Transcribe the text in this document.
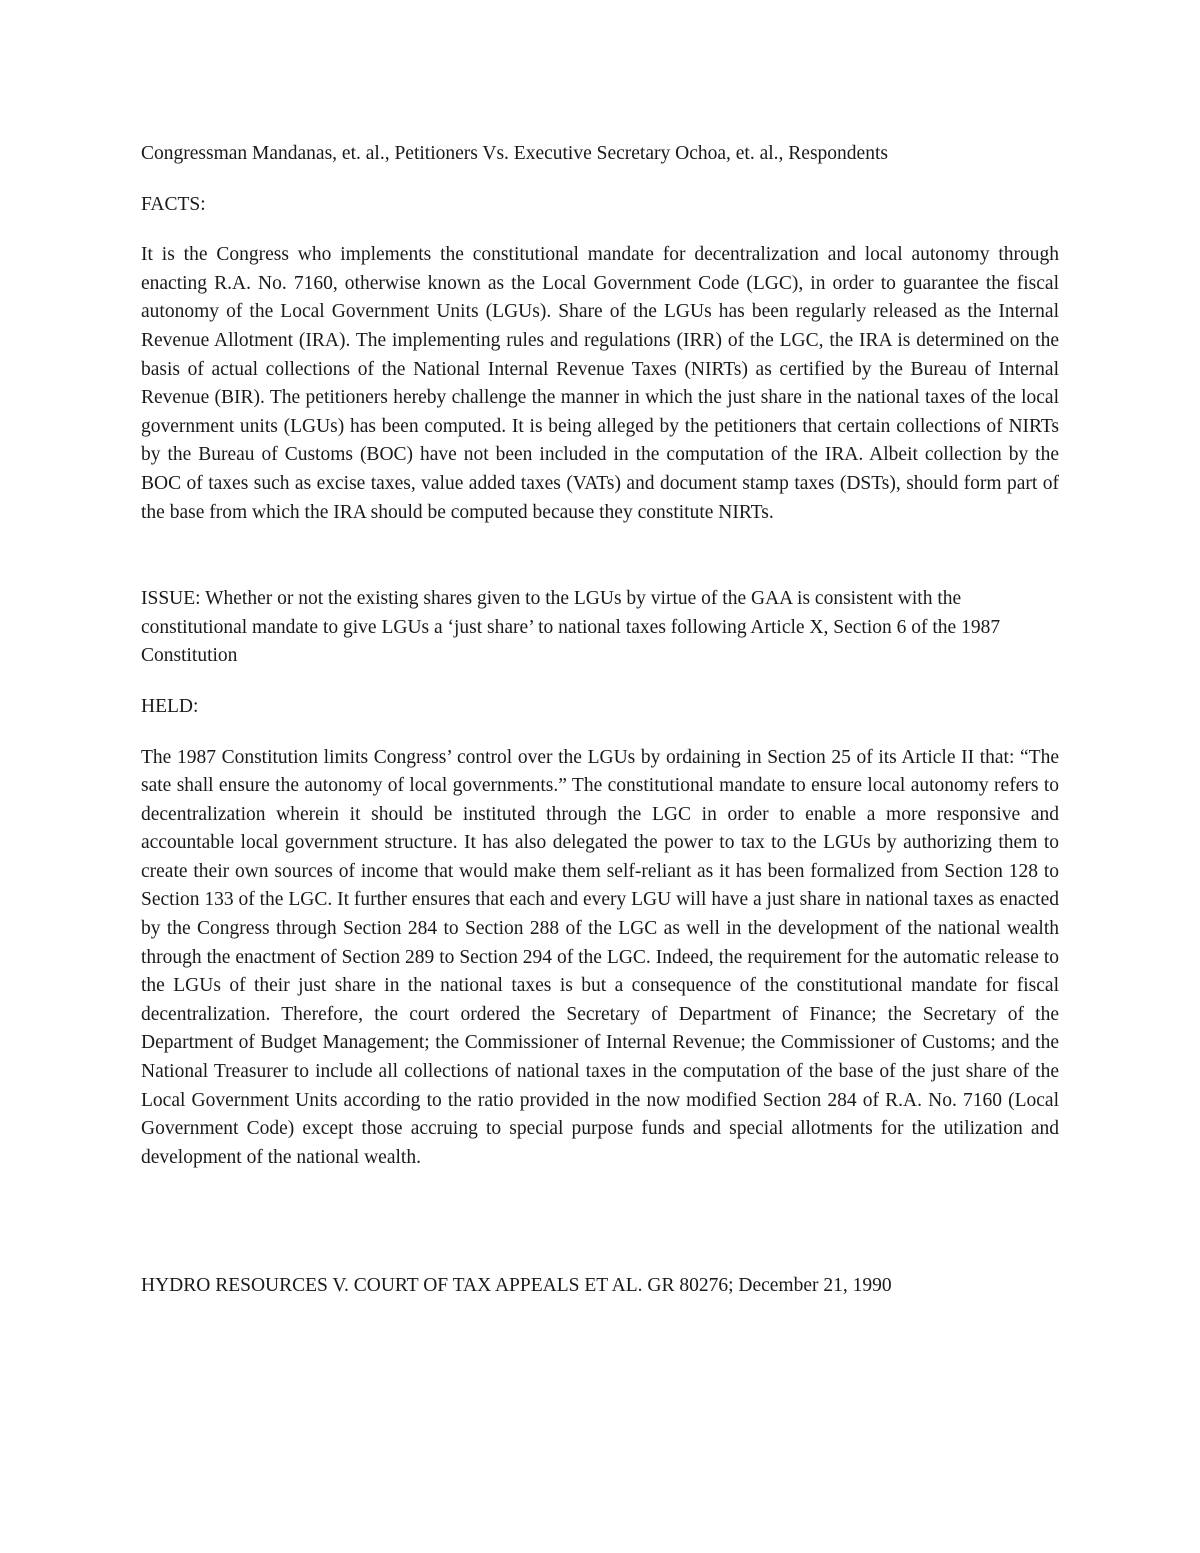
Congressman Mandanas, et. al., Petitioners Vs. Executive Secretary Ochoa, et. al., Respondents

FACTS:

It is the Congress who implements the constitutional mandate for decentralization and local autonomy through enacting R.A. No. 7160, otherwise known as the Local Government Code (LGC), in order to guarantee the fiscal autonomy of the Local Government Units (LGUs). Share of the LGUs has been regularly released as the Internal Revenue Allotment (IRA). The implementing rules and regulations (IRR) of the LGC, the IRA is determined on the basis of actual collections of the National Internal Revenue Taxes (NIRTs) as certified by the Bureau of Internal Revenue (BIR). The petitioners hereby challenge the manner in which the just share in the national taxes of the local government units (LGUs) has been computed. It is being alleged by the petitioners that certain collections of NIRTs by the Bureau of Customs (BOC) have not been included in the computation of the IRA. Albeit collection by the BOC of taxes such as excise taxes, value added taxes (VATs) and document stamp taxes (DSTs), should form part of the base from which the IRA should be computed because they constitute NIRTs.

ISSUE: Whether or not the existing shares given to the LGUs by virtue of the GAA is consistent with the constitutional mandate to give LGUs a ‘just share’ to national taxes following Article X, Section 6 of the 1987 Constitution

HELD:

The 1987 Constitution limits Congress’ control over the LGUs by ordaining in Section 25 of its Article II that: “The sate shall ensure the autonomy of local governments.” The constitutional mandate to ensure local autonomy refers to decentralization wherein it should be instituted through the LGC in order to enable a more responsive and accountable local government structure. It has also delegated the power to tax to the LGUs by authorizing them to create their own sources of income that would make them self-reliant as it has been formalized from Section 128 to Section 133 of the LGC. It further ensures that each and every LGU will have a just share in national taxes as enacted by the Congress through Section 284 to Section 288 of the LGC as well in the development of the national wealth through the enactment of Section 289 to Section 294 of the LGC. Indeed, the requirement for the automatic release to the LGUs of their just share in the national taxes is but a consequence of the constitutional mandate for fiscal decentralization. Therefore, the court ordered the Secretary of Department of Finance; the Secretary of the Department of Budget Management; the Commissioner of Internal Revenue; the Commissioner of Customs; and the National Treasurer to include all collections of national taxes in the computation of the base of the just share of the Local Government Units according to the ratio provided in the now modified Section 284 of R.A. No. 7160 (Local Government Code) except those accruing to special purpose funds and special allotments for the utilization and development of the national wealth.

HYDRO RESOURCES V. COURT OF TAX APPEALS ET AL. GR 80276; December 21, 1990
